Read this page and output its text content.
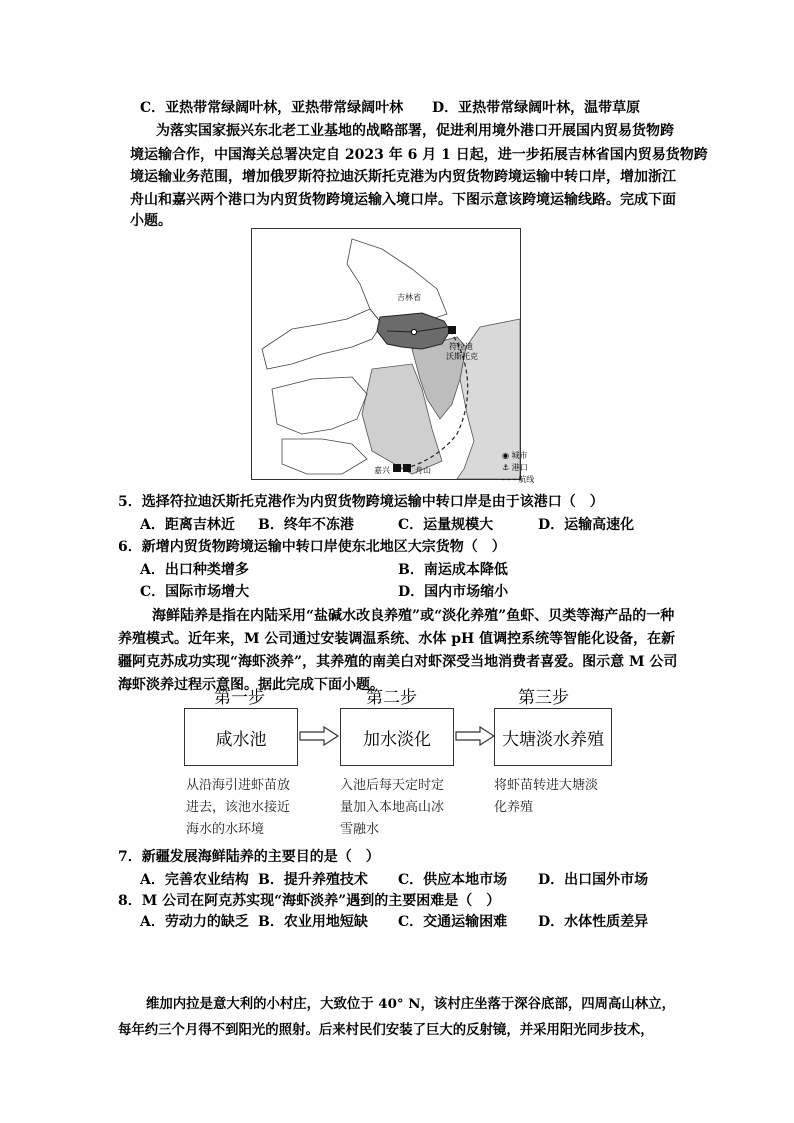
C．亚热带常绿阔叶林，亚热带常绿阔叶林 D．亚热带常绿阔叶林，温带草原
为落实国家振兴东北老工业基地的战略部署，促进利用境外港口开展国内贸易货物跨
境运输合作，中国海关总署决定自 2023 年 6 月 1 日起，进一步拓展吉林省国内贸易货物跨
境运输业务范围，增加俄罗斯符拉迪沃斯托克港为内贸货物跨境运输中转口岸，增加浙江
舟山和嘉兴两个港口为内贸货物跨境运输入境口岸。下图示意该跨境运输线路。完成下面
小题。
吉林省
符拉迪
沃斯托克
嘉兴	舟山
◉ 城市
⚓ 港口
- - - 航线
5．选择符拉迪沃斯托克港作为内贸货物跨境运输中转口岸是由于该港口（　）
A．距离吉林近 B．终年不冻港	C．运量规模大	D．运输高速化
6．新增内贸货物跨境运输中转口岸使东北地区大宗货物（　）
A．出口种类增多	B．南运成本降低
C．国际市场增大	D．国内市场缩小
海鲜陆养是指在内陆采用“盐碱水改良养殖”或“淡化养殖”鱼虾、贝类等海产品的一种
养殖模式。近年来，M 公司通过安装调温系统、水体 pH 值调控系统等智能化设备，在新
疆阿克苏成功实现“海虾淡养”，其养殖的南美白对虾深受当地消费者喜爱。图示意 M 公司
海虾淡养过程示意图。据此完成下面小题。
第一步	第二步	第三步
咸水池	加水淡化	大塘淡水养殖
从沿海引进虾苗放
进去，该池水接近
海水的水环境
入池后每天定时定
量加入本地高山冰
雪融水
将虾苗转进大塘淡
化养殖
7．新疆发展海鲜陆养的主要目的是（　）
A．完善农业结构 B．提升养殖技术 C．供应本地市场 D．出口国外市场
8．M 公司在阿克苏实现“海虾淡养”遇到的主要困难是（　）
A．劳动力的缺乏 B．农业用地短缺 C．交通运输困难 D．水体性质差异
维加内拉是意大利的小村庄，大致位于 40° N，该村庄坐落于深谷底部，四周高山林立，
每年约三个月得不到阳光的照射。后来村民们安装了巨大的反射镜，并采用阳光同步技术，
